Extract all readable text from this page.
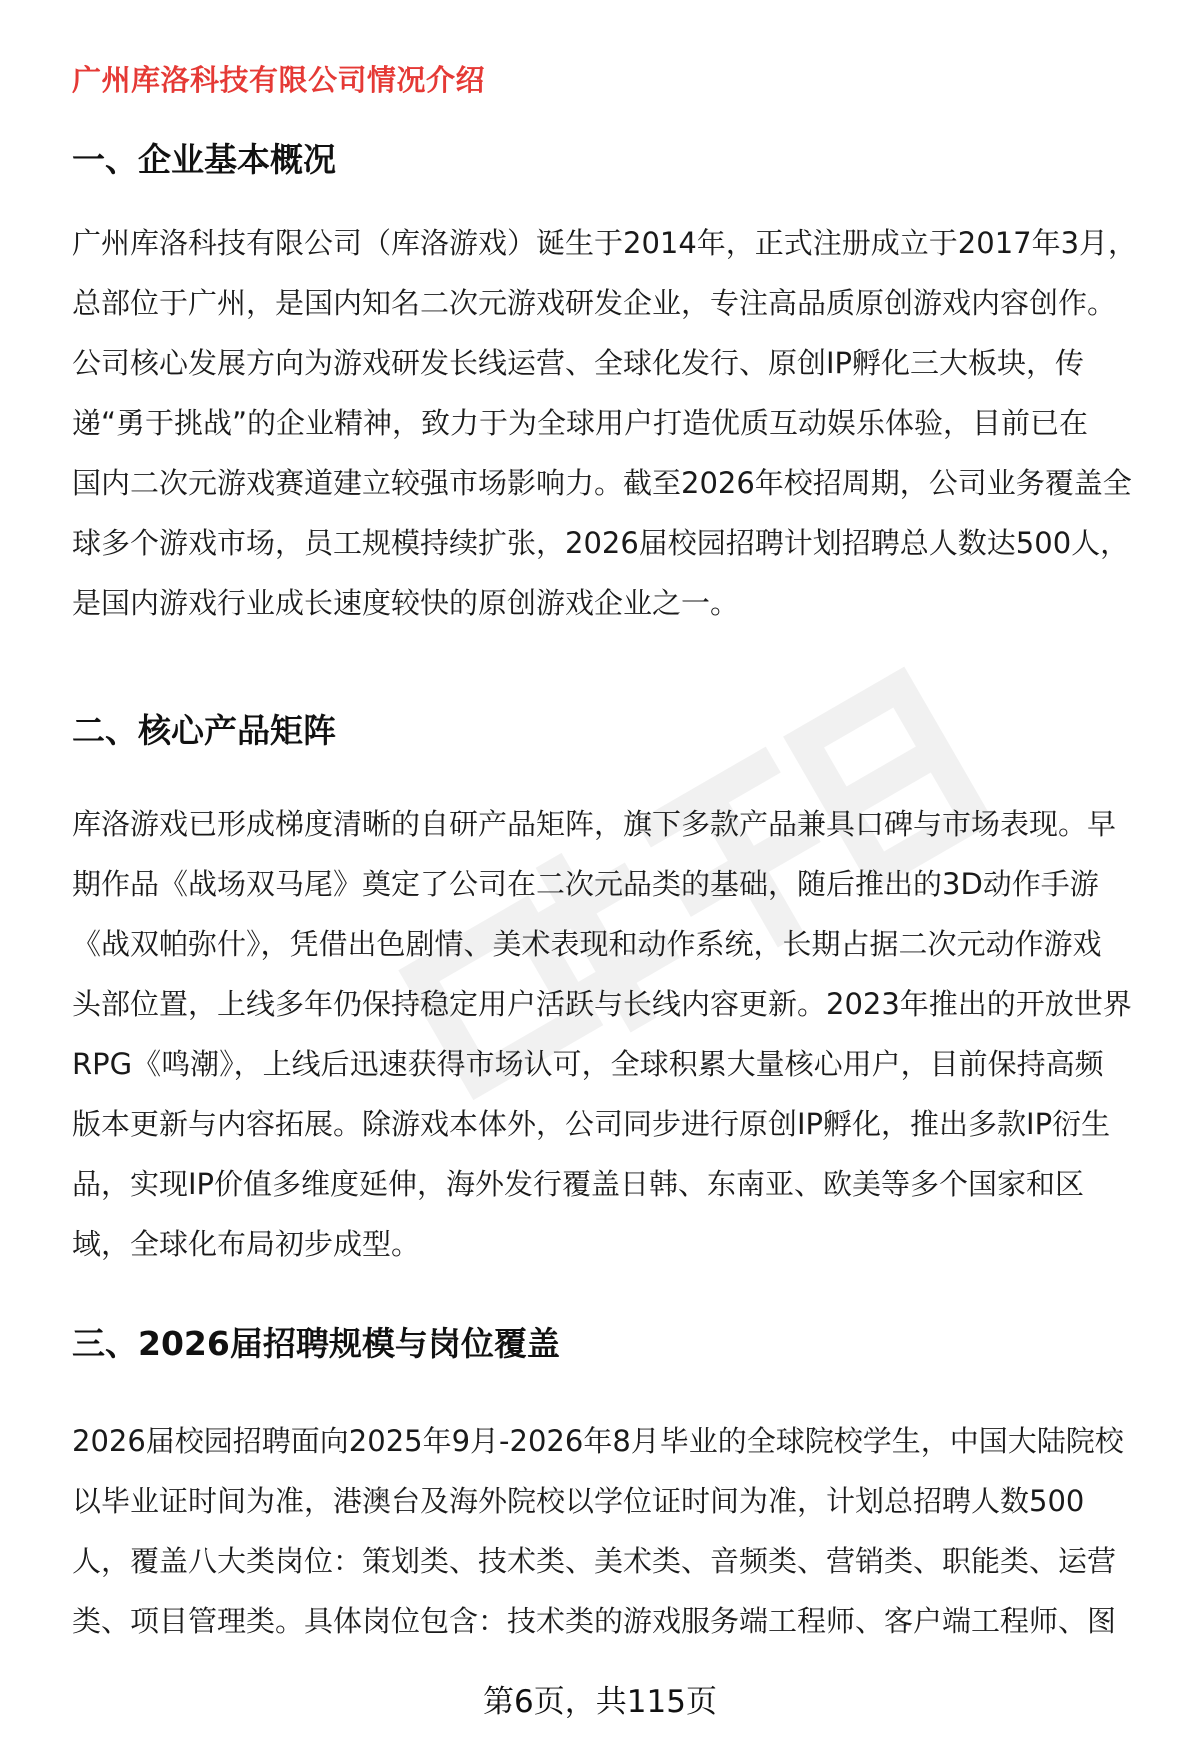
广州库洛科技有限公司情况介绍
一、企业基本概况
广州库洛科技有限公司（库洛游戏）诞生于2014年，正式注册成立于2017年3月，
总部位于广州，是国内知名二次元游戏研发企业，专注高品质原创游戏内容创作。
公司核心发展方向为游戏研发长线运营、全球化发行、原创IP孵化三大板块，传
递“勇于挑战”的企业精神，致力于为全球用户打造优质互动娱乐体验，目前已在
国内二次元游戏赛道建立较强市场影响力。截至2026年校招周期，公司业务覆盖全
球多个游戏市场，员工规模持续扩张，2026届校园招聘计划招聘总人数达500人，
是国内游戏行业成长速度较快的原创游戏企业之一。
二、核心产品矩阵
库洛游戏已形成梯度清晰的自研产品矩阵，旗下多款产品兼具口碑与市场表现。早
期作品《战场双马尾》奠定了公司在二次元品类的基础，随后推出的3D动作手游
《战双帕弥什》，凭借出色剧情、美术表现和动作系统，长期占据二次元动作游戏
头部位置，上线多年仍保持稳定用户活跃与长线内容更新。2023年推出的开放世界
RPG《鸣潮》，上线后迅速获得市场认可，全球积累大量核心用户，目前保持高频
版本更新与内容拓展。除游戏本体外，公司同步进行原创IP孵化，推出多款IP衍生
品，实现IP价值多维度延伸，海外发行覆盖日韩、东南亚、欧美等多个国家和区
域，全球化布局初步成型。
三、2026届招聘规模与岗位覆盖
2026届校园招聘面向2025年9月-2026年8月毕业的全球院校学生，中国大陆院校
以毕业证时间为准，港澳台及海外院校以学位证时间为准，计划总招聘人数500
人，覆盖八大类岗位：策划类、技术类、美术类、音频类、营销类、职能类、运营
类、项目管理类。具体岗位包含：技术类的游戏服务端工程师、客户端工程师、图
第6页，共115页
